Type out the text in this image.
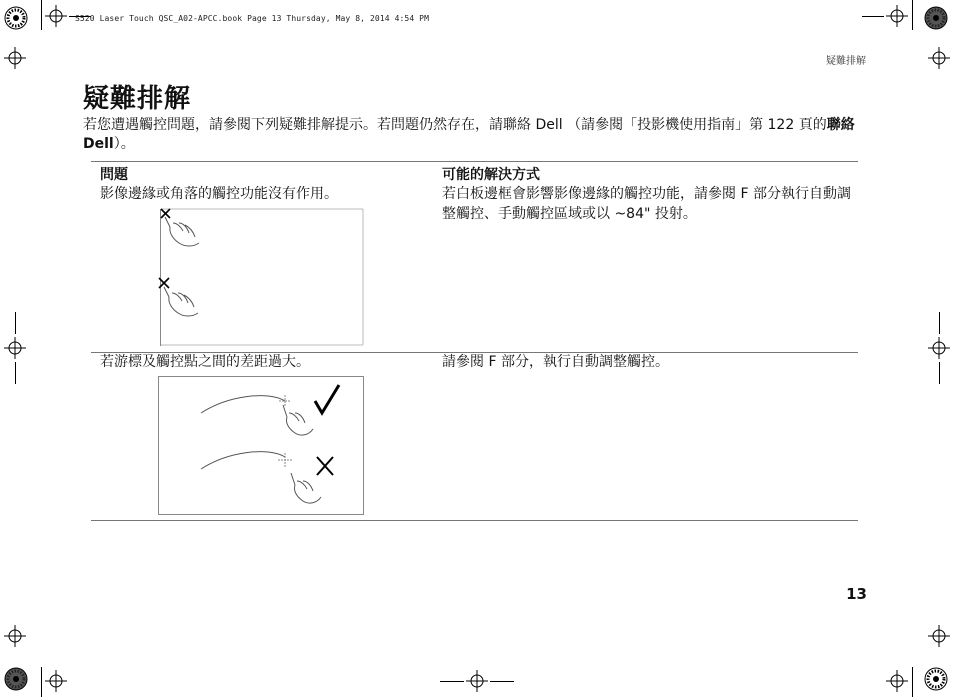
S520 Laser Touch QSC_A02-APCC.book Page 13 Thursday, May 8, 2014 4:54 PM
疑難排解
疑難排解
若您遭遇觸控問題，請參閱下列疑難排解提示。若問題仍然存在，請聯絡 Dell （請參閱「投影機使用指南」第 122 頁的聯絡 Dell）。
問題	可能的解決方式
影像邊緣或角落的觸控功能沒有作用。	若白板邊框會影響影像邊緣的觸控功能，請參閱 F 部分執行自動調整觸控、手動觸控區域或以 ~84" 投射。
若游標及觸控點之間的差距過大。	請參閱 F 部分，執行自動調整觸控。
13
